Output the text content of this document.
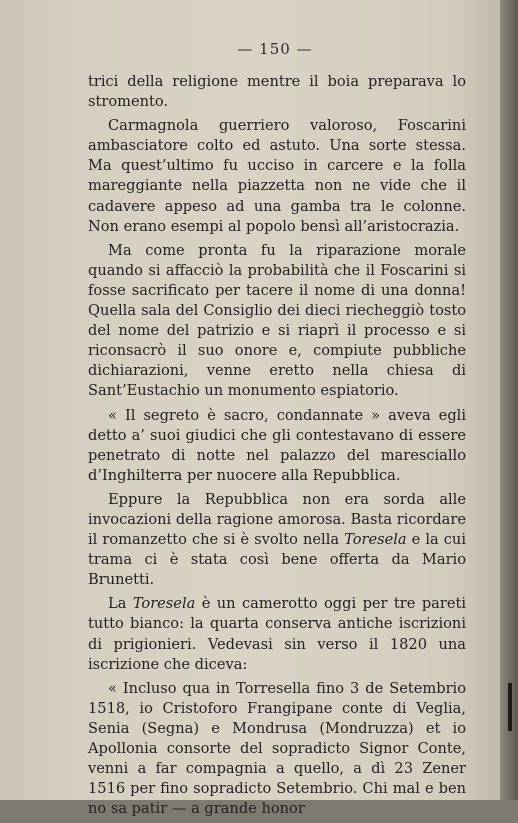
— 150 —

trici della religione mentre il boia preparava lo stromento.

Carmagnola guerriero valoroso, Foscarini ambasciatore colto ed astuto. Una sorte stessa. Ma quest’ultimo fu ucciso in carcere e la folla mareggiante nella piazzetta non ne vide che il cadavere appeso ad una gamba tra le colonne. Non erano esempi al popolo bensì all’aristocrazia.

Ma come pronta fu la riparazione morale quando si affacciò la probabilità che il Foscarini si fosse sacrificato per tacere il nome di una donna! Quella sala del Consiglio dei dieci riecheggiò tosto del nome del patrizio e si riaprì il processo e si riconsacrò il suo onore e, compiute pubbliche dichiarazioni, venne eretto nella chiesa di Sant’Eustachio un monumento espiatorio.

« Il segreto è sacro, condannate » aveva egli detto a’ suoi giudici che gli contestavano di essere penetrato di notte nel palazzo del maresciallo d’Inghilterra per nuocere alla Repubblica.

Eppure la Repubblica non era sorda alle invocazioni della ragione amorosa. Basta ricordare il romanzetto che si è svolto nella Toresela e la cui trama ci è stata così bene offerta da Mario Brunetti.

La Toresela è un camerotto oggi per tre pareti tutto bianco: la quarta conserva antiche iscrizioni di prigionieri. Vedevasi sin verso il 1820 una iscrizione che diceva:

« Incluso qua in Torresella fino 3 de Setembrio 1518, io Cristoforo Frangipane conte di Veglia, Senia (Segna) e Mondrusa (Mondruzza) et io Apollonia consorte del sopradicto Signor Conte, venni a far compagnia a quello, a dì 23 Zener 1516 per fino sopradicto Setembrio. Chi mal e ben no sa patir — a grande honor
